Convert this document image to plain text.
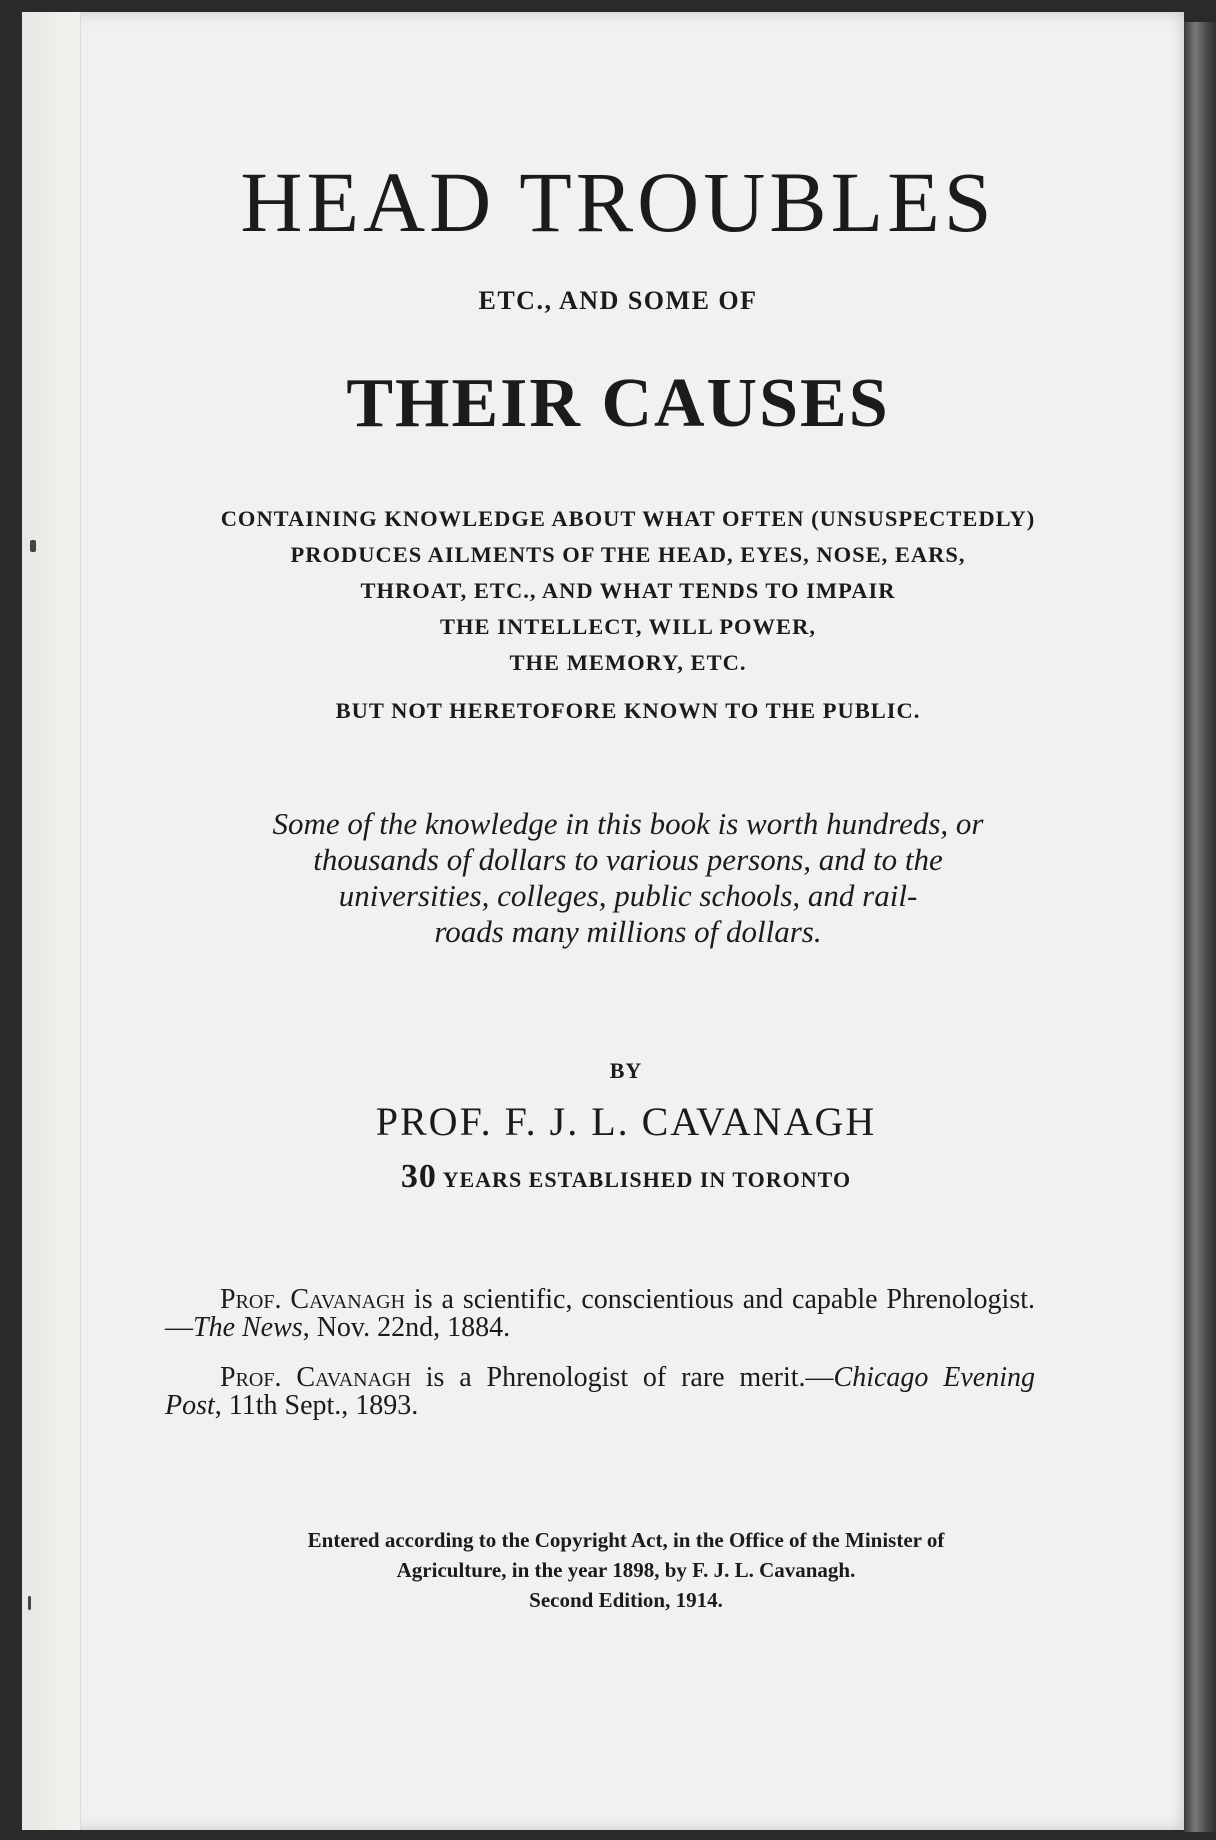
HEAD TROUBLES
ETC., AND SOME OF
THEIR CAUSES
CONTAINING KNOWLEDGE ABOUT WHAT OFTEN (UNSUSPECTEDLY)
PRODUCES AILMENTS OF THE HEAD, EYES, NOSE, EARS,
THROAT, ETC., AND WHAT TENDS TO IMPAIR
THE INTELLECT, WILL POWER,
THE MEMORY, ETC.
BUT NOT HERETOFORE KNOWN TO THE PUBLIC.
Some of the knowledge in this book is worth hundreds, or
thousands of dollars to various persons, and to the
universities, colleges, public schools, and rail-
roads many millions of dollars.
BY
PROF. F. J. L. CAVANAGH
30 YEARS ESTABLISHED IN TORONTO

Prof. Cavanagh is a scientific, conscientious and capable Phrenologist.—The News, Nov. 22nd, 1884.

Prof. Cavanagh is a Phrenologist of rare merit.—Chicago Evening Post, 11th Sept., 1893.

Entered according to the Copyright Act, in the Office of the Minister of
Agriculture, in the year 1898, by F. J. L. Cavanagh.
Second Edition, 1914.
